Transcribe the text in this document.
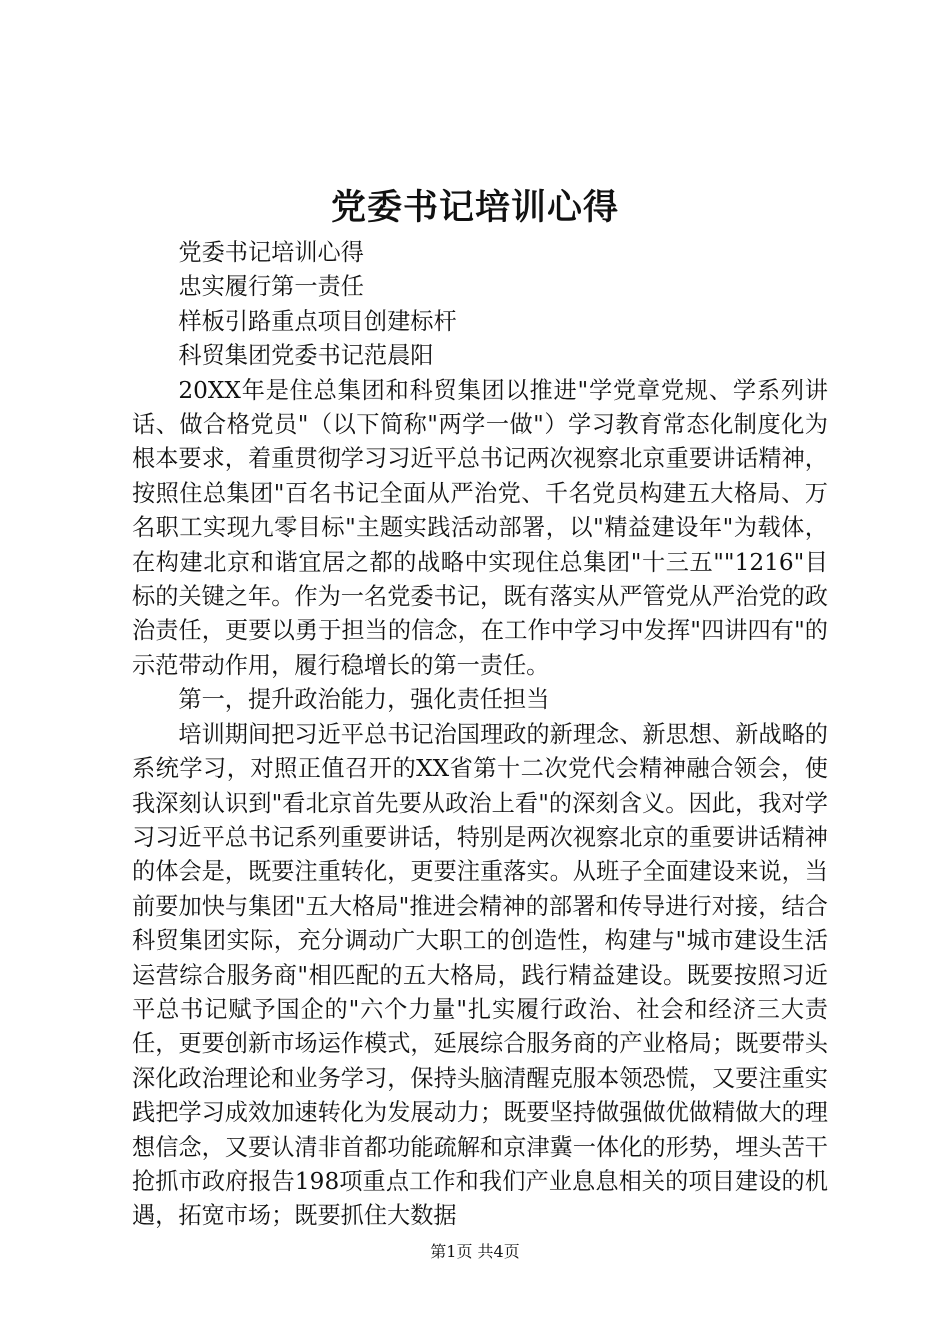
党委书记培训心得

党委书记培训心得

忠实履行第一责任

样板引路重点项目创建标杆

科贸集团党委书记范晨阳

20XX年是住总集团和科贸集团以推进"学党章党规、学系列讲话、做合格党员"（以下简称"两学一做"）学习教育常态化制度化为根本要求，着重贯彻学习习近平总书记两次视察北京重要讲话精神，按照住总集团"百名书记全面从严治党、千名党员构建五大格局、万名职工实现九零目标"主题实践活动部署，以"精益建设年"为载体，在构建北京和谐宜居之都的战略中实现住总集团"十三五""1216"目标的关键之年。作为一名党委书记，既有落实从严管党从严治党的政治责任，更要以勇于担当的信念，在工作中学习中发挥"四讲四有"的示范带动作用，履行稳增长的第一责任。

第一，提升政治能力，强化责任担当

培训期间把习近平总书记治国理政的新理念、新思想、新战略的系统学习，对照正值召开的XX省第十二次党代会精神融合领会，使我深刻认识到"看北京首先要从政治上看"的深刻含义。因此，我对学习习近平总书记系列重要讲话，特别是两次视察北京的重要讲话精神的体会是，既要注重转化，更要注重落实。从班子全面建设来说，当前要加快与集团"五大格局"推进会精神的部署和传导进行对接，结合科贸集团实际，充分调动广大职工的创造性，构建与"城市建设生活运营综合服务商"相匹配的五大格局，践行精益建设。既要按照习近平总书记赋予国企的"六个力量"扎实履行政治、社会和经济三大责任，更要创新市场运作模式，延展综合服务商的产业格局；既要带头深化政治理论和业务学习，保持头脑清醒克服本领恐慌，又要注重实践把学习成效加速转化为发展动力；既要坚持做强做优做精做大的理想信念，又要认清非首都功能疏解和京津冀一体化的形势，埋头苦干抢抓市政府报告198项重点工作和我们产业息息相关的项目建设的机遇，拓宽市场；既要抓住大数据

第1页 共4页
